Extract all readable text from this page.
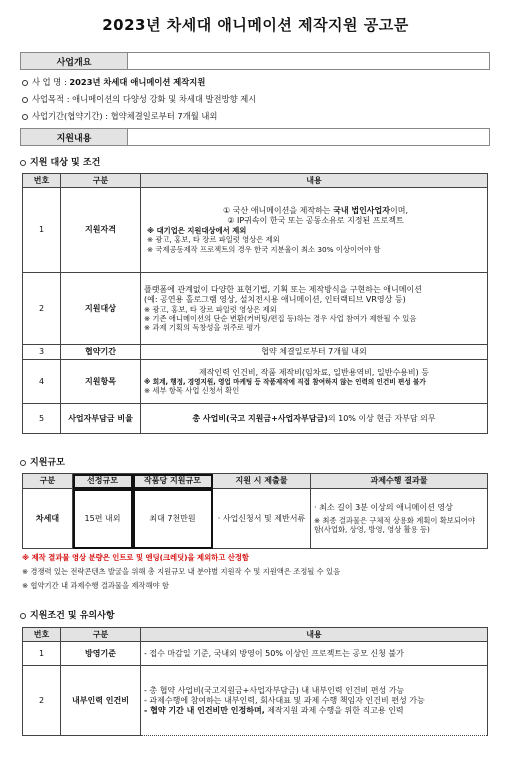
2023년 차세대 애니메이션 제작지원 공고문
사업개요
사 업 명 : 2023년 차세대 애니메이션 제작지원
사업목적 : 애니메이션의 다양성 강화 및 차세대 발전방향 제시
사업기간(협약기간) : 협약체결일로부터 7개월 내외
지원내용
지원 대상 및 조건
번호	구분	내용
1	지원자격	① 국산 애니메이션을 제작하는 국내 법인사업자이며,
② IP귀속이 한국 또는 공동소유로 지정된 프로젝트
※ 대기업은 지원대상에서 제외
※ 광고, 홍보, 타 장르 파일럿 영상은 제외
※ 국제공동제작 프로젝트의 경우 한국 지분율이 최소 30% 이상이어야 함

2	지원대상	플랫폼에 관계없이 다양한 표현기법, 기획 또는 제작방식을 구현하는 애니메이션
(예: 공연용 홀로그램 영상, 설치전시용 애니메이션, 인터랙티브 VR영상 등)
※ 광고, 홍보, 타 장르 파일럿 영상은 제외
※ 기존 애니메이션의 단순 변환(커버팅/편집 등)하는 경우 사업 참여가 제한될 수 있음
※ 과제 기획의 독창성을 위주로 평가

3	협약기간	협약 체결일로부터 7개월 내외
4	지원항목	제작인력 인건비, 작품 제작비(임차료, 일반용역비, 일반수용비) 등
※ 회계, 행정, 경영지원, 영업 마케팅 등 작품제작에 직접 참여하지 않는 인력의 인건비 편성 불가
※ 세부 항목 사업 신청서 확인

5	사업자부담금 비율	총 사업비(국고 지원금+사업자부담금)의 10% 이상 현금 자부담 의무
지원규모
구분	선정규모	작품당 지원규모	지원 시 제출물	과제수행 결과물
차세대	15편 내외	최대 7천만원	· 사업신청서 및 제반서류	· 최소 길이 3분 이상의 애니메이션 영상
※ 최종 결과물은 구체적 상용화 계획이 확보되어야 함(사업화, 상영, 방영, 영상 활용 등)
※ 제작 결과물 영상 분량은 인트로 및 엔딩(크레딧)을 제외하고 산정함
※ 경쟁력 있는 전략콘텐츠 발굴을 위해 총 지원규모 내 분야별 지원작 수 및 지원액은 조정될 수 있음
※ 협약기간 내 과제수행 결과물을 제작해야 함
지원조건 및 유의사항
번호	구분	내용
1	방영기준	- 접수 마감일 기준, 국내외 방영이 50% 이상인 프로젝트는 공모 신청 불가
2	내부인력 인건비	- 총 협약 사업비(국고지원금+사업자부담금) 내 내부인력 인건비 편성 가능
- 과제수행에 참여하는 내부인력, 회사대표 및 과제 수행 책임자 인건비 편성 가능
- 협약 기간 내 인건비만 인정하며, 제작지원 과제 수행을 위한 직고용 인력
